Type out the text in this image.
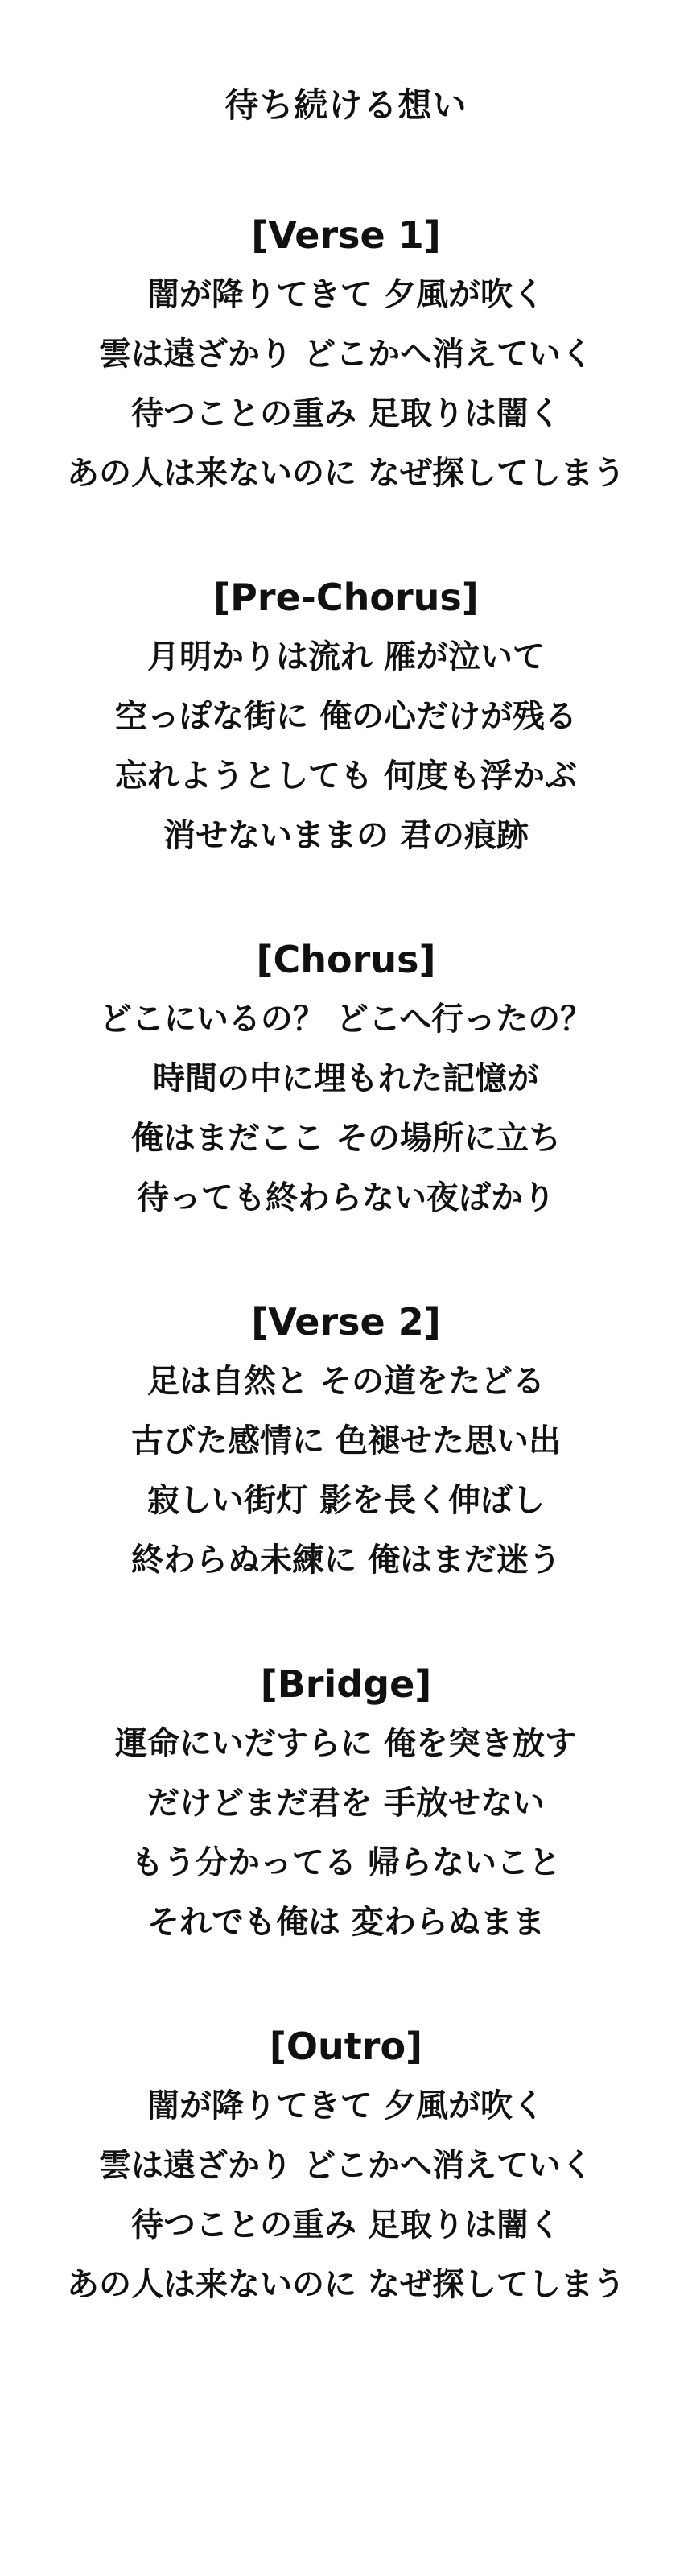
待ち続ける想い
[Verse 1]
闇が降りてきて 夕風が吹く
雲は遠ざかり どこかへ消えていく
待つことの重み 足取りは闇く
あの人は来ないのに なぜ探してしまう
[Pre-Chorus]
月明かりは流れ 雁が泣いて
空っぽな街に 俺の心だけが残る
忘れようとしても 何度も浮かぶ
消せないままの 君の痕跡
[Chorus]
どこにいるの？ どこへ行ったの？
時間の中に埋もれた記憶が
俺はまだここ その場所に立ち
待っても終わらない夜ばかり
[Verse 2]
足は自然と その道をたどる
古びた感情に 色褪せた思い出
寂しい街灯 影を長く伸ばし
終わらぬ未練に 俺はまだ迷う
[Bridge]
運命にいだすらに 俺を突き放す
だけどまだ君を 手放せない
もう分かってる 帰らないこと
それでも俺は 変わらぬまま
[Outro]
闇が降りてきて 夕風が吹く
雲は遠ざかり どこかへ消えていく
待つことの重み 足取りは闇く
あの人は来ないのに なぜ探してしまう
